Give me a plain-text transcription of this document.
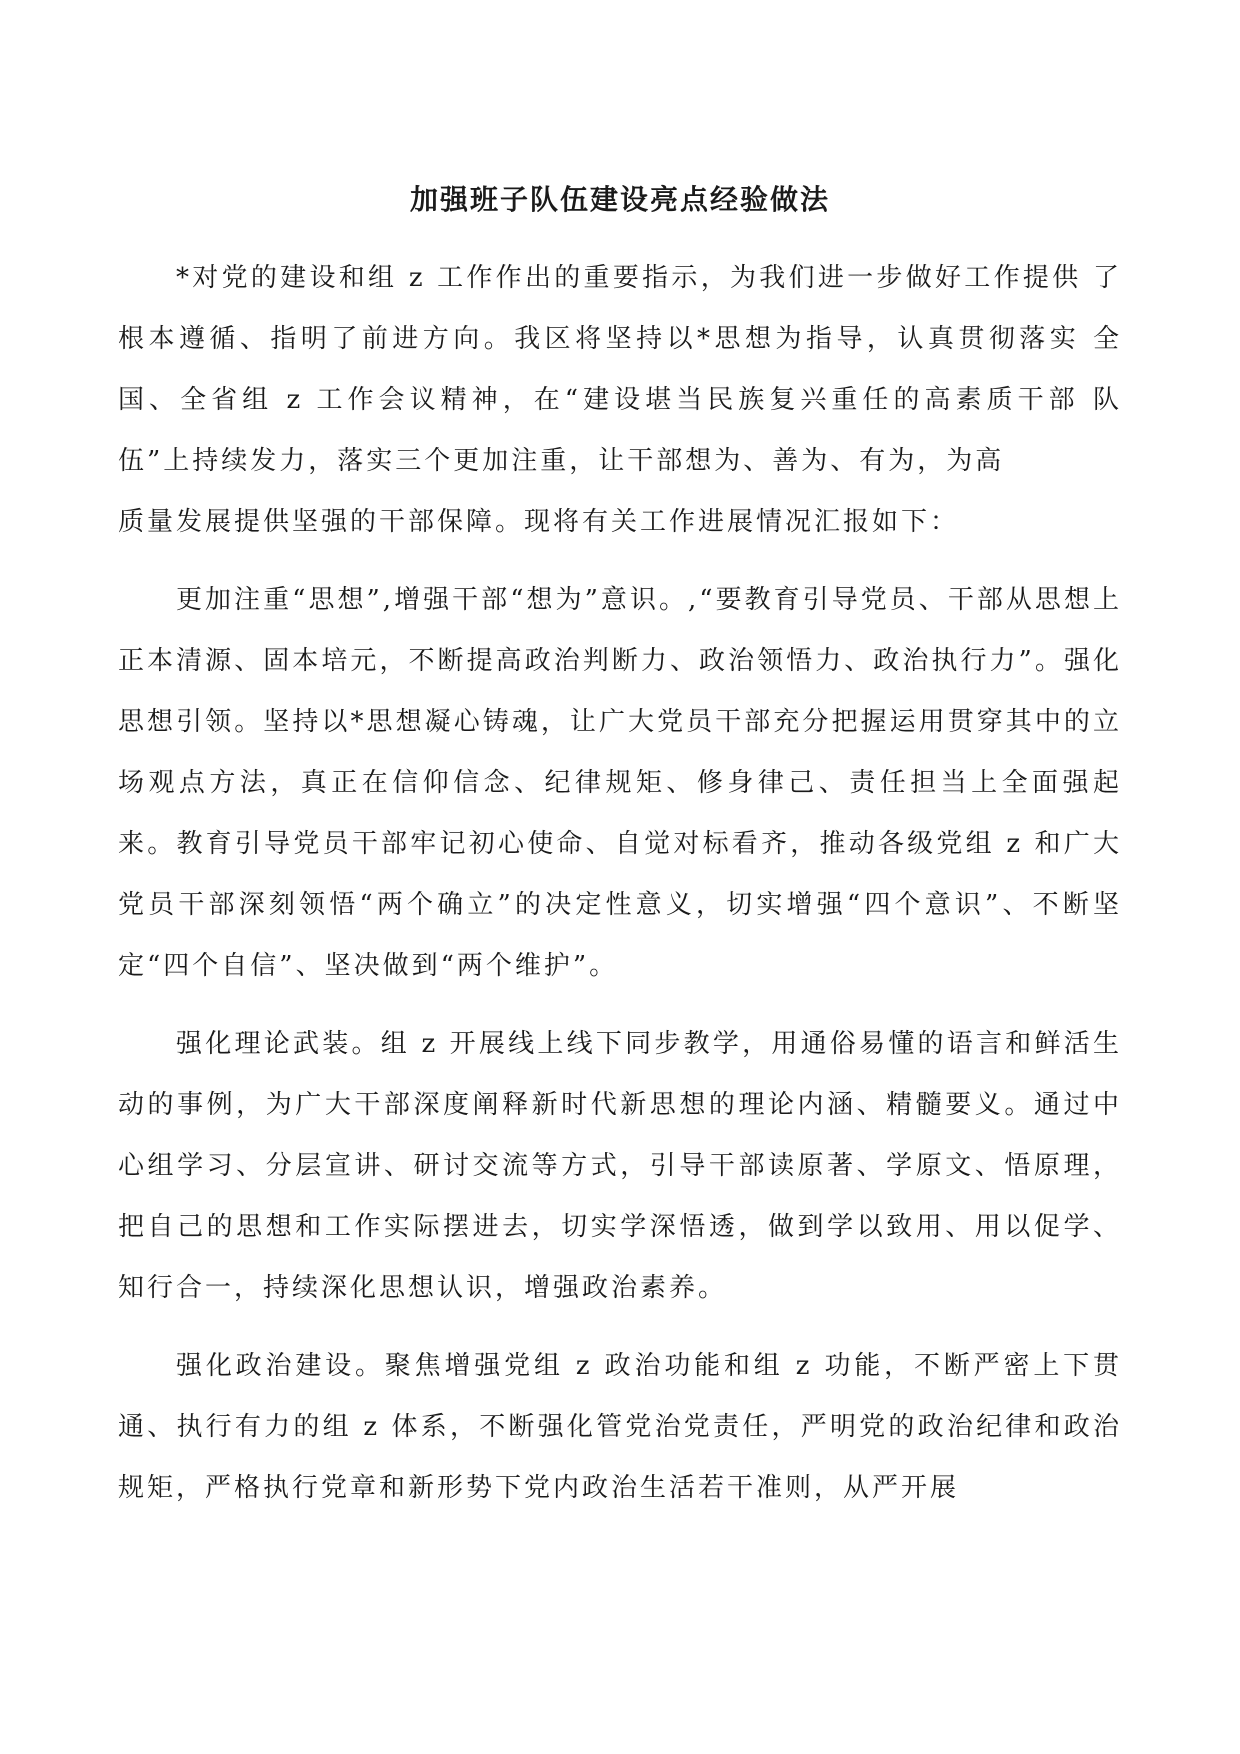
加强班子队伍建设亮点经验做法

*对党的建设和组 z 工作作出的重要指示，为我们进一步做好工作提供 了根本遵循、指明了前进方向。我区将坚持以*思想为指导，认真贯彻落实 全国、全省组 z 工作会议精神，在“建设堪当民族复兴重任的高素质干部 队伍”上持续发力，落实三个更加注重，让干部想为、善为、有为，为高

质量发展提供坚强的干部保障。现将有关工作进展情况汇报如下：

更加注重“思想”,增强干部“想为”意识。,“要教育引导党员、干部从思想上正本清源、固本培元，不断提高政治判断力、政治领悟力、政治执行力”。强化思想引领。坚持以*思想凝心铸魂，让广大党员干部充分把握运用贯穿其中的立场观点方法，真正在信仰信念、纪律规矩、修身律己、责任担当上全面强起来。教育引导党员干部牢记初心使命、自觉对标看齐，推动各级党组 z 和广大党员干部深刻领悟“两个确立”的决定性意义，切实增强“四个意识”、不断坚定“四个自信”、坚决做到“两个维护”。

强化理论武装。组 z 开展线上线下同步教学，用通俗易懂的语言和鲜活生动的事例，为广大干部深度阐释新时代新思想的理论内涵、精髓要义。通过中心组学习、分层宣讲、研讨交流等方式，引导干部读原著、学原文、悟原理，把自己的思想和工作实际摆进去，切实学深悟透，做到学以致用、用以促学、知行合一，持续深化思想认识，增强政治素养。

强化政治建设。聚焦增强党组 z 政治功能和组 z 功能，不断严密上下贯通、执行有力的组 z 体系，不断强化管党治党责任，严明党的政治纪律和政治规矩，严格执行党章和新形势下党内政治生活若干准则，从严开展
